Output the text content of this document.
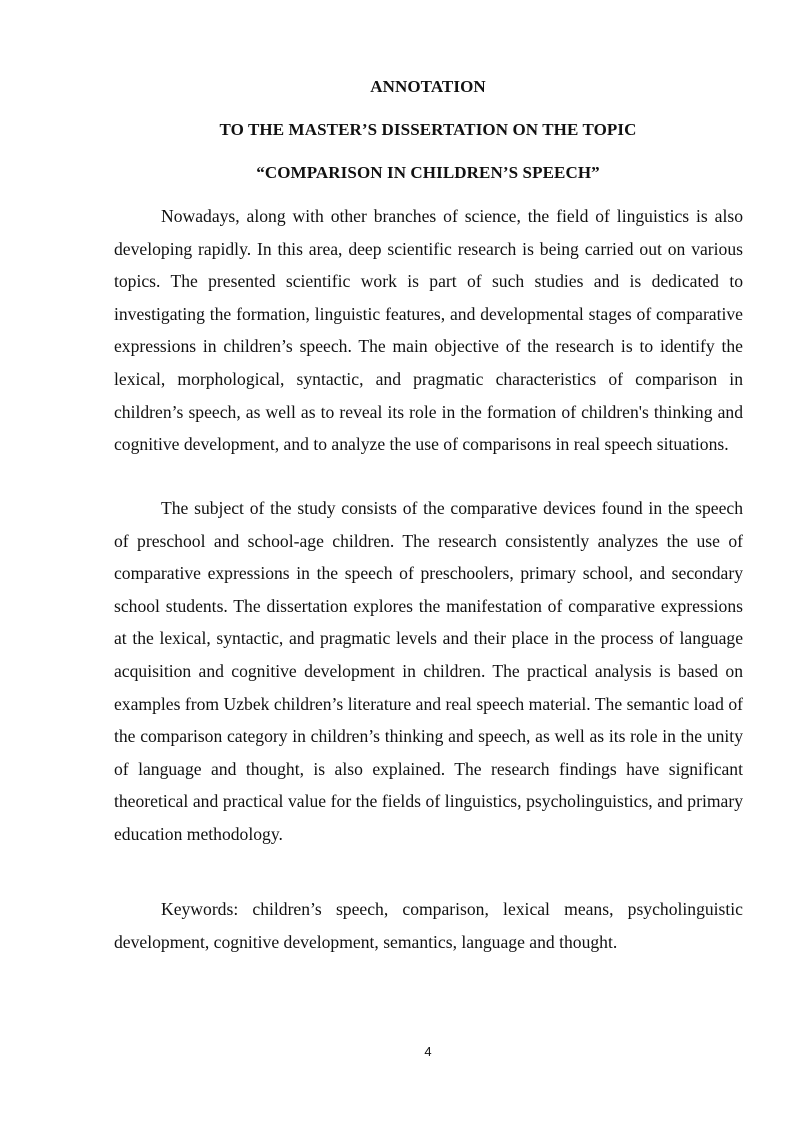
ANNOTATION
TO THE MASTER’S DISSERTATION ON THE TOPIC
“COMPARISON IN CHILDREN’S SPEECH”

Nowadays, along with other branches of science, the field of linguistics is also developing rapidly. In this area, deep scientific research is being carried out on various topics. The presented scientific work is part of such studies and is dedicated to investigating the formation, linguistic features, and developmental stages of comparative expressions in children’s speech. The main objective of the research is to identify the lexical, morphological, syntactic, and pragmatic characteristics of comparison in children’s speech, as well as to reveal its role in the formation of children's thinking and cognitive development, and to analyze the use of comparisons in real speech situations.

The subject of the study consists of the comparative devices found in the speech of preschool and school-age children. The research consistently analyzes the use of comparative expressions in the speech of preschoolers, primary school, and secondary school students. The dissertation explores the manifestation of comparative expressions at the lexical, syntactic, and pragmatic levels and their place in the process of language acquisition and cognitive development in children. The practical analysis is based on examples from Uzbek children’s literature and real speech material. The semantic load of the comparison category in children’s thinking and speech, as well as its role in the unity of language and thought, is also explained. The research findings have significant theoretical and practical value for the fields of linguistics, psycholinguistics, and primary education methodology.

Keywords: children’s speech, comparison, lexical means, psycholinguistic development, cognitive development, semantics, language and thought.

4
